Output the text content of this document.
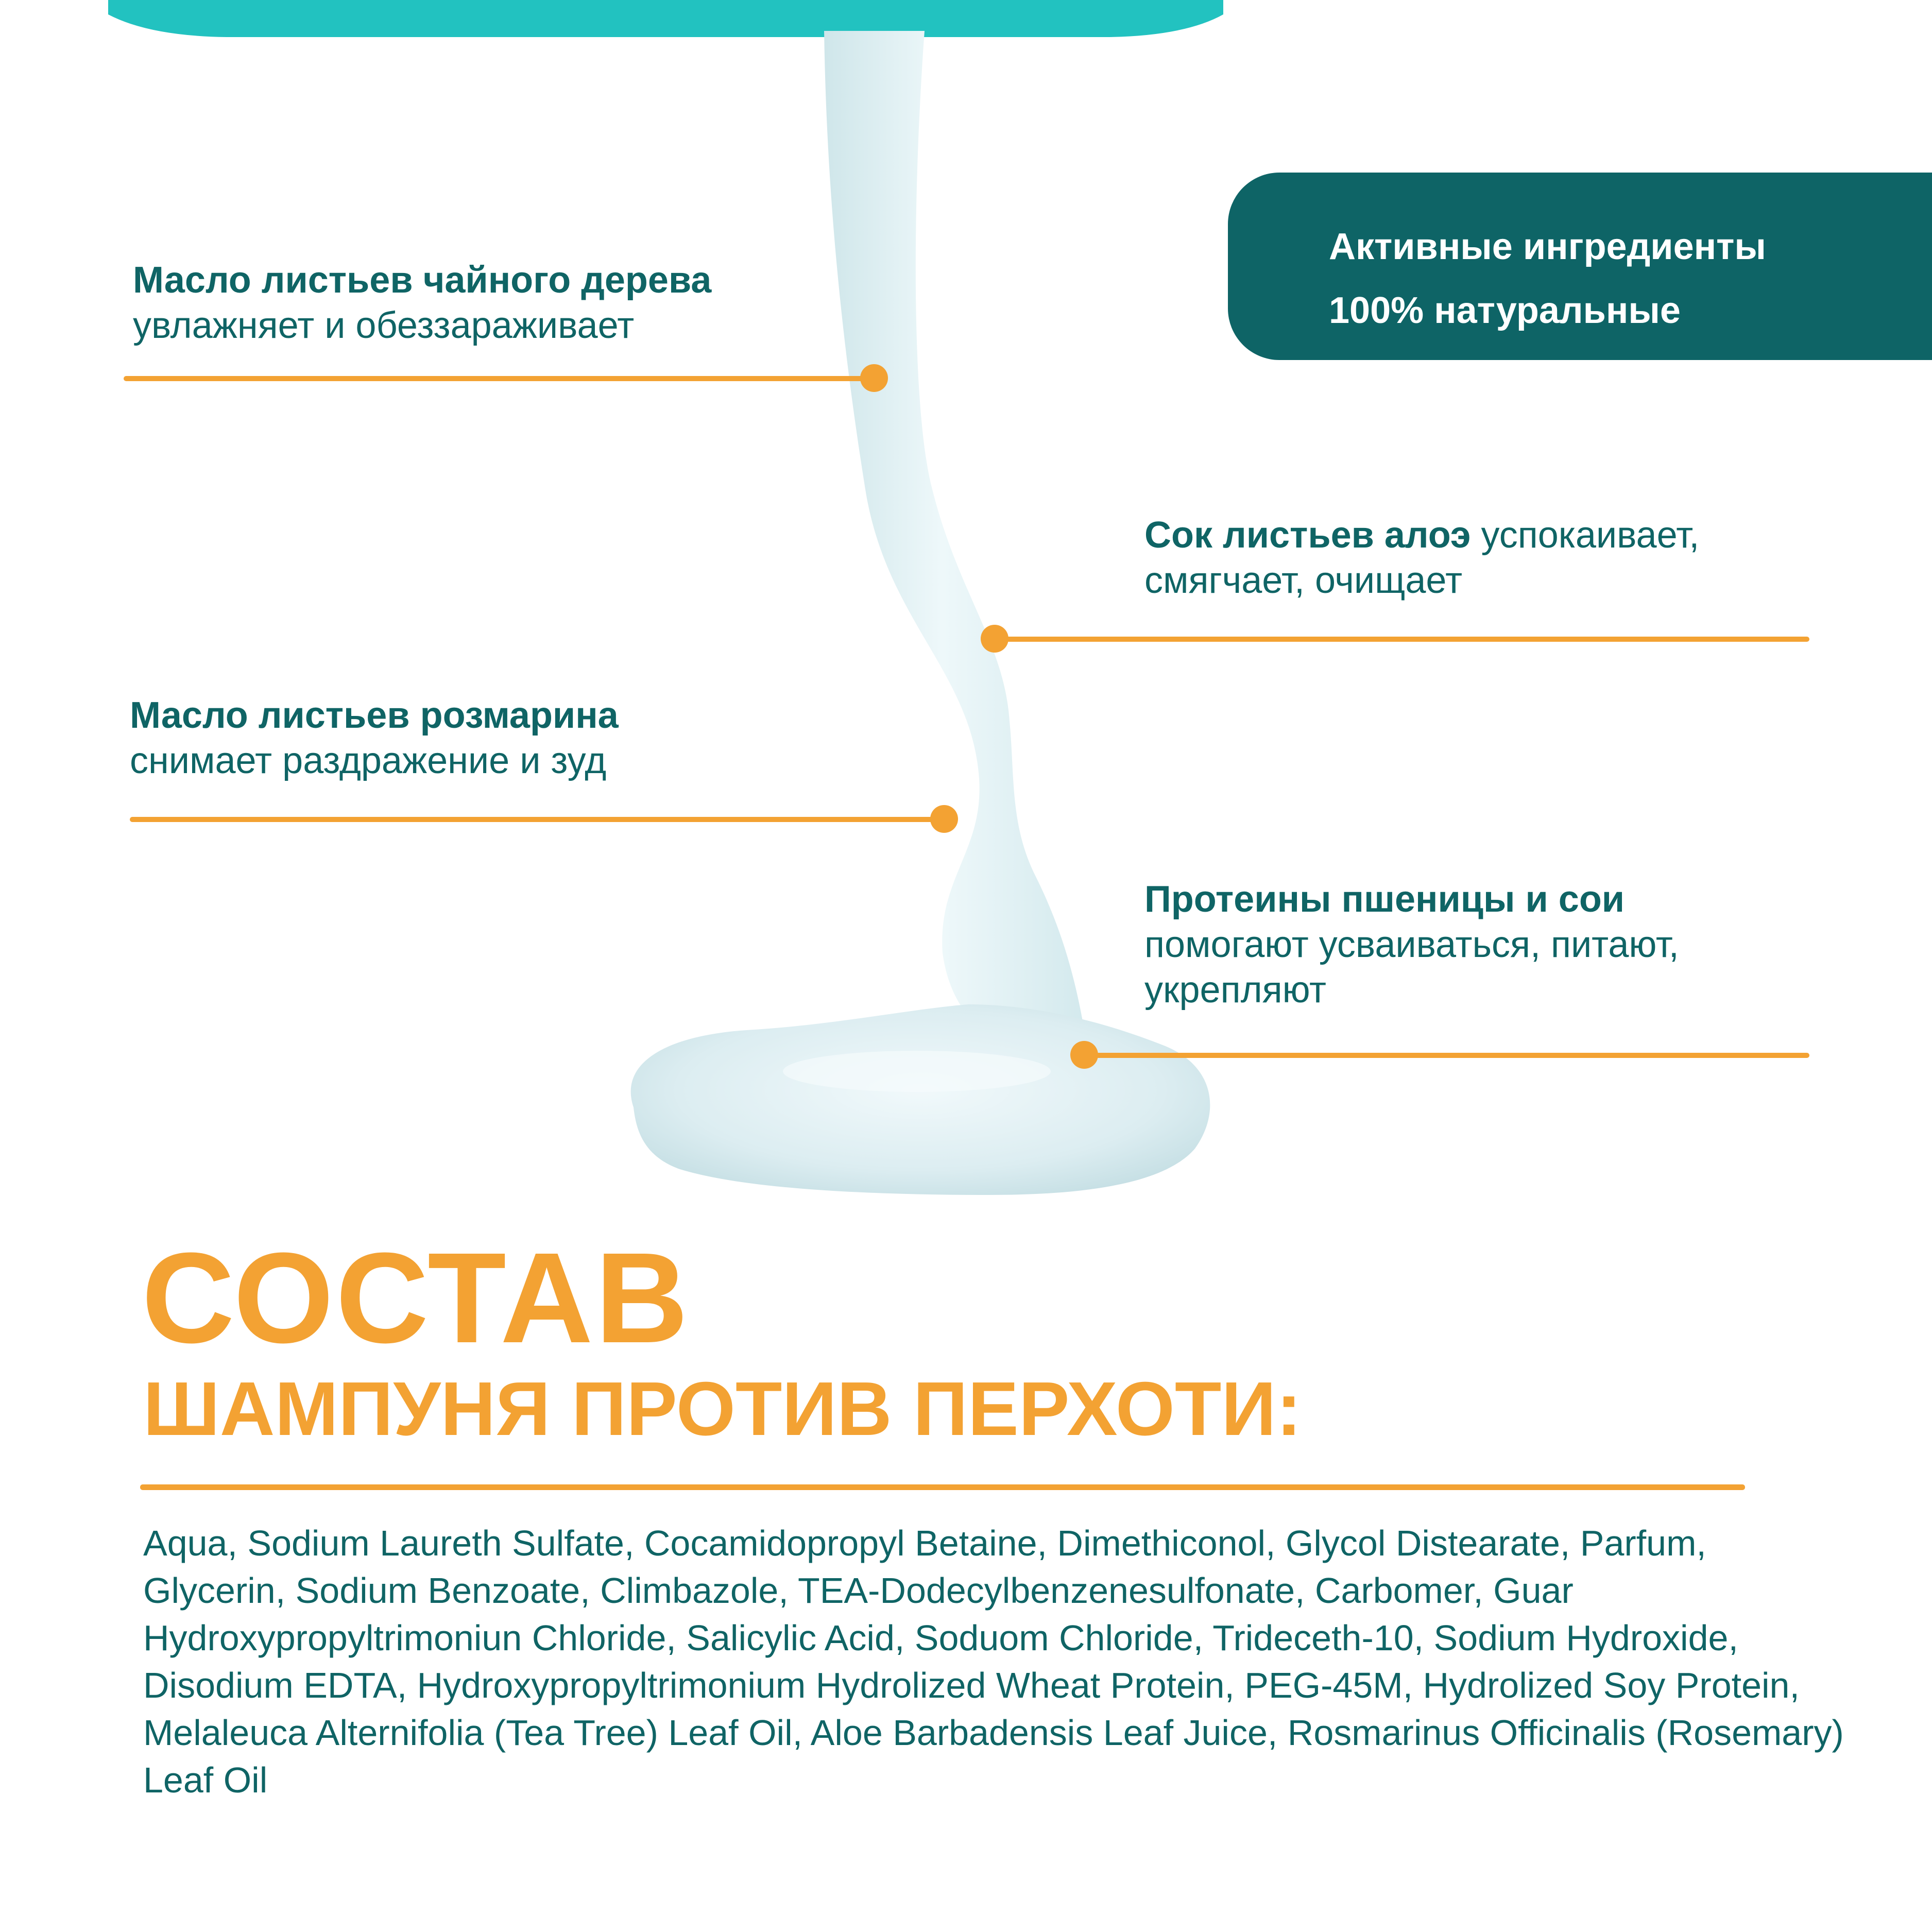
Активные ингредиенты
100% натуральные
Масло листьев чайного дерева
увлажняет и обеззараживает
Сок листьев алоэ успокаивает,
смягчает, очищает
Масло листьев розмарина
снимает раздражение и зуд
Протеины пшеницы и сои
помогают усваиваться, питают,
укрепляют
СОСТАВ
ШАМПУНЯ ПРОТИВ ПЕРХОТИ:
Aqua, Sodium Laureth Sulfate, Cocamidopropyl Betaine, Dimethiconol, Glycol Distearate, Parfum, Glycerin, Sodium Benzoate, Climbazole, TEA-Dodecylbenzenesulfonate, Carbomer, Guar Hydroxypropyltrimoniun Chloride, Salicylic Acid, Soduom Chloride, Trideceth-10, Sodium Hydroxide, Disodium EDTA, Hydroxypropyltrimonium Hydrolized Wheat Protein, PEG-45M, Hydrolized Soy Protein, Melaleuca Alternifolia (Tea Tree) Leaf Oil, Aloe Barbadensis Leaf Juice, Rosmarinus Officinalis (Rosemary) Leaf Oil
